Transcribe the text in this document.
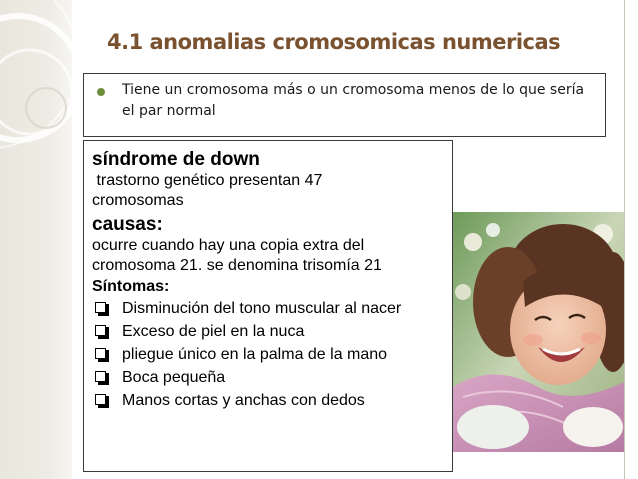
4.1 anomalias cromosomicas numericas
Tiene un cromosoma más o un cromosoma menos de lo que sería el par normal
síndrome de down
trastorno genético presentan 47
cromosomas
causas:
ocurre cuando hay una copia extra del
cromosoma 21. se denomina trisomía 21
Síntomas:
Disminución del tono muscular al nacer
Exceso de piel en la nuca
pliegue único en la palma de la mano
Boca pequeña
Manos cortas y anchas con dedos
